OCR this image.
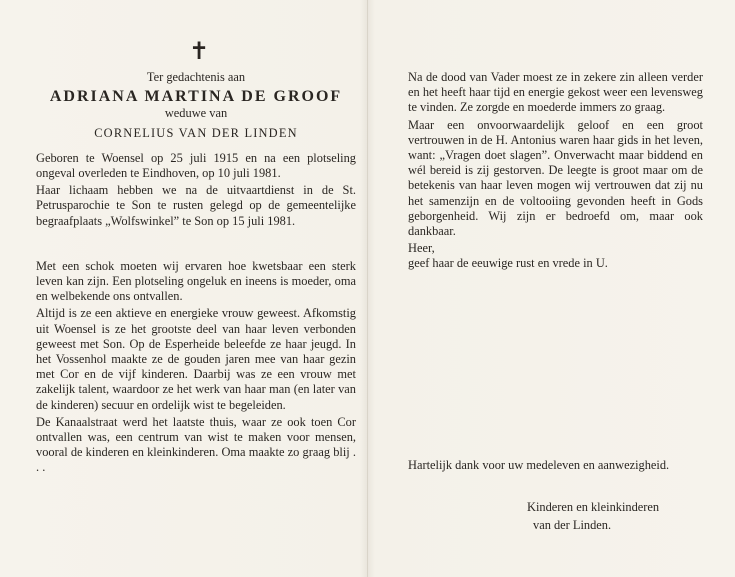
✝
Ter gedachtenis aan
ADRIANA MARTINA DE GROOF
weduwe van
CORNELIUS VAN DER LINDEN

Geboren te Woensel op 25 juli 1915 en na een plotseling ongeval overleden te Eindhoven, op 10 juli 1981.

Haar lichaam hebben we na de uitvaartdienst in de St. Petrusparochie te Son te rusten gelegd op de gemeentelijke begraafplaats „Wolfswinkel” te Son op 15 juli 1981.

Met een schok moeten wij ervaren hoe kwetsbaar een sterk leven kan zijn. Een plotseling ongeluk en ineens is moeder, oma en welbekende ons ontvallen.

Altijd is ze een aktieve en energieke vrouw geweest. Afkomstig uit Woensel is ze het grootste deel van haar leven verbonden geweest met Son. Op de Esperheide beleefde ze haar jeugd. In het Vossenhol maakte ze de gouden jaren mee van haar gezin met Cor en de vijf kinderen. Daarbij was ze een vrouw met zakelijk talent, waardoor ze het werk van haar man (en later van de kinderen) secuur en ordelijk wist te begeleiden.

De Kanaalstraat werd het laatste thuis, waar ze ook toen Cor ontvallen was, een centrum van wist te maken voor mensen, vooral de kinderen en kleinkinderen. Oma maakte zo graag blij . . .

Na de dood van Vader moest ze in zekere zin alleen verder en het heeft haar tijd en energie gekost weer een levensweg te vinden. Ze zorgde en moederde immers zo graag.

Maar een onvoorwaardelijk geloof en een groot vertrouwen in de H. Antonius waren haar gids in het leven, want: „Vragen doet slagen”. Onverwacht maar biddend en wél bereid is zij gestorven. De leegte is groot maar om de betekenis van haar leven mogen wij vertrouwen dat zij nu het samenzijn en de voltooiing gevonden heeft in Gods geborgenheid. Wij zijn er bedroefd om, maar ook dankbaar.

Heer,
geef haar de eeuwige rust en vrede in U.
Hartelijk dank voor uw medeleven en aanwezigheid.
Kinderen en kleinkinderen
van der Linden.
